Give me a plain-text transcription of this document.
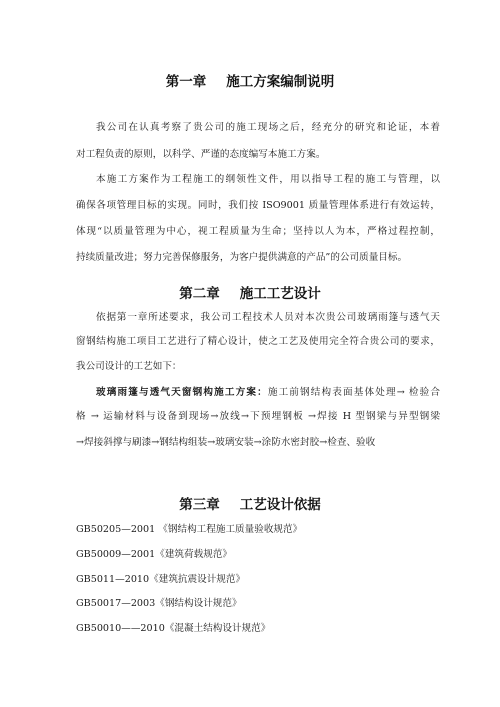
第一章 施工方案编制说明
我公司在认真考察了贵公司的施工现场之后，经充分的研究和论证，本着
对工程负责的原则，以科学、严谨的态度编写本施工方案。
本施工方案作为工程施工的纲领性文件，用以指导工程的施工与管理，以
确保各项管理目标的实现。同时，我们按 ISO9001 质量管理体系进行有效运转，
体现“以质量管理为中心，视工程质量为生命；坚持以人为本，严格过程控制，
持续质量改进；努力完善保修服务，为客户提供满意的产品”的公司质量目标。
第二章 施工工艺设计
依据第一章所述要求，我公司工程技术人员对本次贵公司玻璃雨篷与透气天
窗钢结构施工项目工艺进行了精心设计，使之工艺及使用完全符合贵公司的要求，
我公司设计的工艺如下：
玻璃雨篷与透气天窗钢构施工方案：施工前钢结构表面基体处理→ 检验合
格 → 运输材料与设备到现场→放线→下预埋钢板 →焊接 H 型钢梁与异型钢梁
→焊接斜撑与刷漆→钢结构组装→玻璃安装→涂防水密封胶→检查、验收
第三章 工艺设计依据
GB50205—2001 《钢结构工程施工质量验收规范》
GB50009—2001《建筑荷载规范》
GB5011—2010《建筑抗震设计规范》
GB50017—2003《钢结构设计规范》
GB50010——2010《混凝土结构设计规范》
